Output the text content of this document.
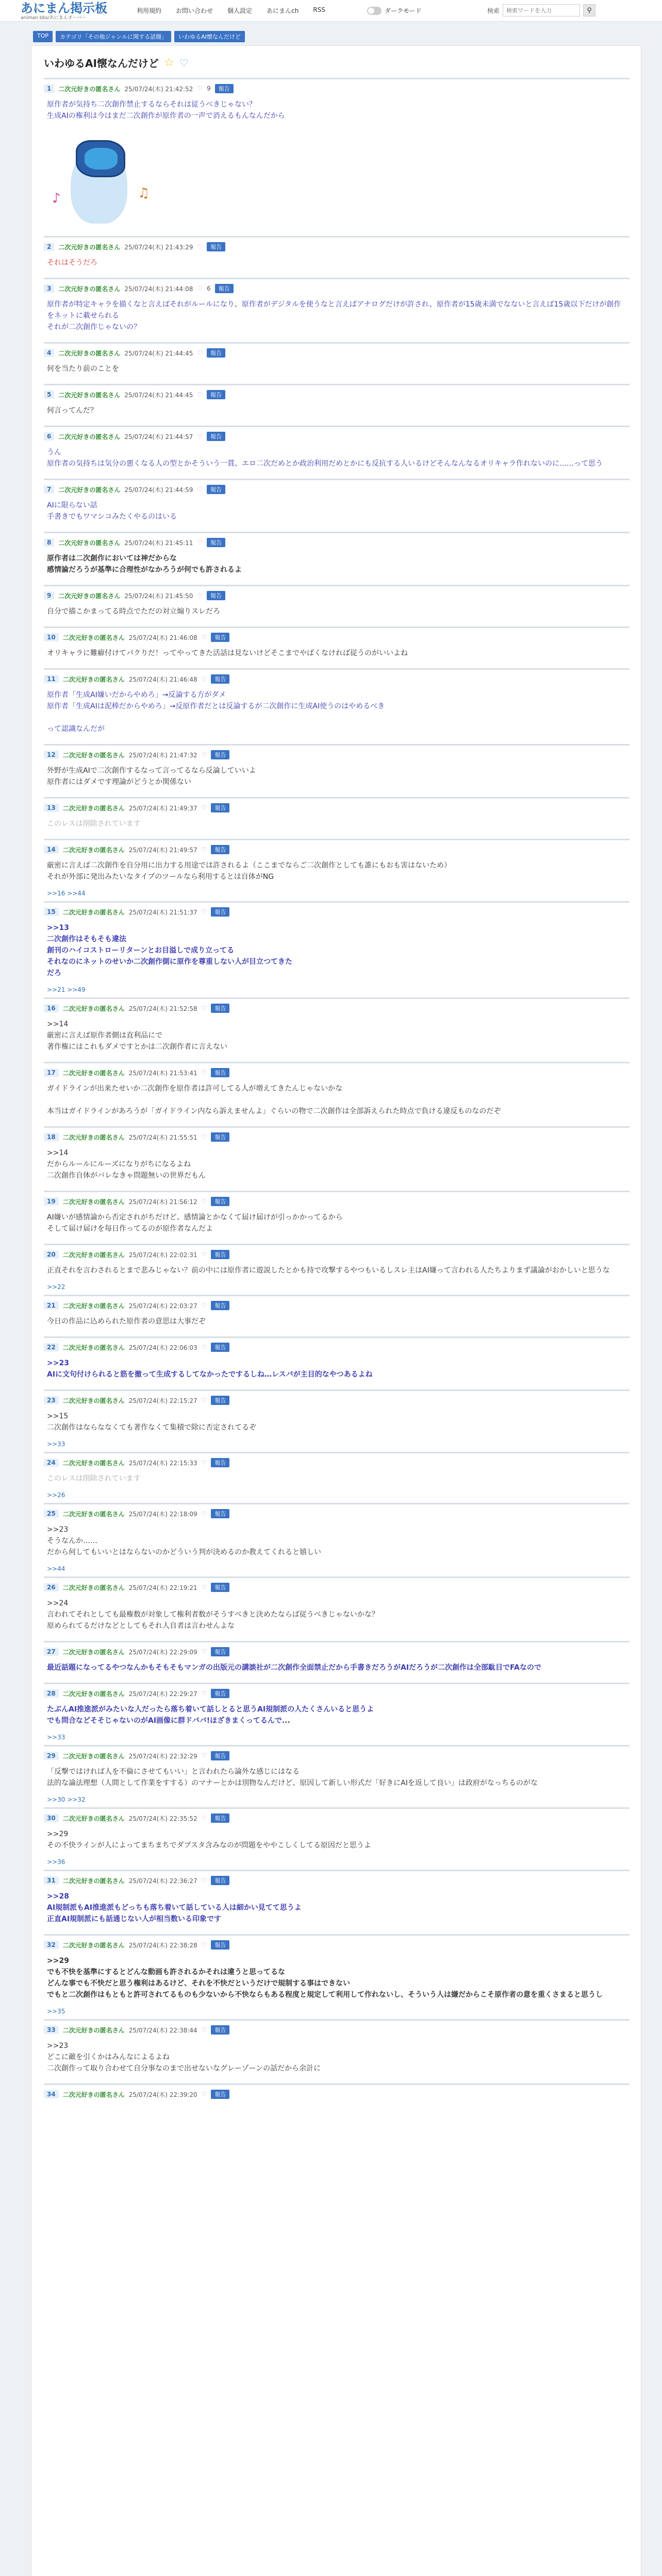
あにまん掲示板
animan bbs/あにまんオーバー
利用規約 お問い合わせ 個人設定 あにまんch RSS	ダークモード	検索
検索ワードを入力	⚲
TOP	カテゴリ「その他ジャンルに関する話題」	いわゆるAI懐なんだけど
いわゆるAI懐なんだけど ☆ ♡
1	二次元好きの匿名さん 25/07/24(木) 21:42:52 ♡ 9	報告
原作者が気持ち二次創作禁止するならそれは従うべきじゃない？
生成AIの権利は今はまだ二次創作が原作者の一声で消えるもんなんだから
♪	♫
2	二次元好きの匿名さん 25/07/24(木) 21:43:29 ♡	報告
それはそうだろ
3	二次元好きの匿名さん 25/07/24(木) 21:44:08 ♡ 6	報告
原作者が特定キャラを描くなと言えばそれがルールになり、原作者がデジタルを使うなと言えばアナログだけが許され、原作者が15歳未満でなないと言えば15歳以下だけが創作をネットに載せられる
それが二次創作じゃないの？
4	二次元好きの匿名さん 25/07/24(木) 21:44:45 ♡	報告
何を当たり前のことを
5	二次元好きの匿名さん 25/07/24(木) 21:44:45 ♡	報告
何言ってんだ？
6	二次元好きの匿名さん 25/07/24(木) 21:44:57 ♡	報告
うん
原作者の気持ちは気分の悪くなる人の型とかそういう一貫、エロ二次だめとか政治利用だめとかにも反抗する人いるけどそんなんなるオリキャラ作れないのに……って思う
7	二次元好きの匿名さん 25/07/24(木) 21:44:59 ♡	報告
AIに限らない話
手書きでもワマシコみたくやるのはいる
8	二次元好きの匿名さん 25/07/24(木) 21:45:11 ♡	報告
原作者は二次創作においては神だからな
感情論だろうが基準に合理性がなかろうが何でも許されるよ
9	二次元好きの匿名さん 25/07/24(木) 21:45:50 ♡	報告
自分で描こかまってる時点でただの対立煽りスレだろ
10	二次元好きの匿名さん 25/07/24(木) 21:46:08 ♡	報告
オリキャラに難癖付けてパクりだ！ってやってきた活話は見ないけどそこまでやばくなければ従うのがいいよね
11	二次元好きの匿名さん 25/07/24(木) 21:46:48 ♡	報告
原作者「生成AI嫌いだからやめろ」→反論する方がダメ
原作者「生成AIは泥棒だからやめろ」→反原作者だとは反論するが二次創作に生成AI使うのはやめるべき

って認識なんだが
12	二次元好きの匿名さん 25/07/24(木) 21:47:32 ♡	報告
外野が生成AIで二次創作するなって言ってるなら反論していいよ
原作者にはダメです理論がどうとか関係ない
13	二次元好きの匿名さん 25/07/24(木) 21:49:37 ♡	報告
このレスは削除されています
14	二次元好きの匿名さん 25/07/24(木) 21:49:57 ♡	報告
厳密に言えば二次創作を自分用に出力する用途では許されるよ（ここまでならご二次創作としても誰にもおも害はないため）
それが外部に発出みたいなタイプのツールなら利用するとは自体がNG
>>16 >>44
15	二次元好きの匿名さん 25/07/24(木) 21:51:37 ♡	報告
>>13
二次創作はそもそも違法
創刊のハイコストローリターンとお目溢しで成り立ってる
それなのにネットのせいか二次創作側に原作を尊重しない人が目立つてきた
だろ
>>21 >>49
16	二次元好きの匿名さん 25/07/24(木) 21:52:58 ♡	報告
>>14
厳密に言えば原作者側は直利品にで
著作権にはこれもダメですとかは二次創作者に言えない
17	二次元好きの匿名さん 25/07/24(木) 21:53:41 ♡	報告
ガイドラインが出来たせいか二次創作を原作者は許可してる人が増えてきたんじゃないかな

本当はガイドラインがあろうが「ガイドライン内なら訴えませんよ」ぐらいの物で二次創作は全部訴えられた時点で負ける違反ものなのだぞ
18	二次元好きの匿名さん 25/07/24(木) 21:55:51 ♡	報告
>>14
だからルールにルーズになりがちになるよね
二次創作自体がバレなきゃ問題無いの世界だもん
19	二次元好きの匿名さん 25/07/24(木) 21:56:12 ♡	報告
AI嫌いが感情論から否定されがちだけど、感情論とかなくて届け届けが引っかかってるから
そして届け届けを毎日作ってるのが原作者なんだよ
20	二次元好きの匿名さん 25/07/24(木) 22:02:31 ♡	報告
正直それを言わされるとまで悲みじゃない？前の中には原作者に遊説したとかも持で攻撃するやつもいるしスレ主はAI嫌って言われる人たちよりまず議論がおかしいと思うな
>>22
21	二次元好きの匿名さん 25/07/24(木) 22:03:27 ♡	報告
今日の作品に込められた原作者の意思は大事だぞ
22	二次元好きの匿名さん 25/07/24(木) 22:06:03 ♡	報告
>>23
AIに文句付けられると筋を撤って生成するしてなかったでするしね…レスバが主目的なやつあるよね
23	二次元好きの匿名さん 25/07/24(木) 22:15:27 ♡	報告
>>15
二次創作はならななくても著作なくて集積で除に否定されてるぞ
>>33
24	二次元好きの匿名さん 25/07/24(木) 22:15:33 ♡	報告
このレスは削除されています
>>26
25	二次元好きの匿名さん 25/07/24(木) 22:18:09 ♡	報告
>>23
そうなんか……
だから何してもいいとはならないのかどういう判が決めるのか教えてくれると嬉しい
>>44
26	二次元好きの匿名さん 25/07/24(木) 22:19:21 ♡	報告
>>24
言われてそれとしても最権数が対象して権利者数がそうすべきと決めたならば従うべきじゃないかな？
原められてるだけなどとしてもそれ人自者は言わせんよな
27	二次元好きの匿名さん 25/07/24(木) 22:29:09 ♡	報告
最近話題になってるやつなんかもそもそもマンガの出版元の講談社が二次創作全面禁止だから手書きだろうがAIだろうが二次創作は全部駄目でFAなので
28	二次元好きの匿名さん 25/07/24(木) 22:29:27 ♡	報告
たぶんAI推進派がみたいな人だったら落ち着いて話しとると思うAI規制派の人たくさんいると思うよ
でも問合などそそじゃないのがAI画像に群ドババ!ほざきまくってるんで...
>>33
29	二次元好きの匿名さん 25/07/24(木) 22:32:29 ♡	報告
「反撃ではければ人を不倫にさせてもいい」と言われたら論外な感じにはなる
法的な論法理想（人間として作業をすする）のマナーとかは別物なんだけど、原因して新しい形式だ「好きにAIを返して良い」は政府がなっちるのがな
>>30 >>32
30	二次元好きの匿名さん 25/07/24(木) 22:35:52 ♡	報告
>>29
その不快ラインが人によってまちまちでダブスタ含みなのが問題をややこしくしてる原因だと思うよ
>>36
31	二次元好きの匿名さん 25/07/24(木) 22:36:27 ♡	報告
>>28
AI規制派もAI推進派もどっちも落ち着いて話している人は細かい見てて思うよ
正直AI規制派にも話通じない人が相当数いる印象です
32	二次元好きの匿名さん 25/07/24(木) 22:38:28 ♡	報告
>>29
でも不快を基準にするとどんな動画も許されるかそれは違うと思ってるな
どんな事でも不快だと思う権利はあるけど、それを不快だというだけで規制する事はできない
でもと二次創作はもともと許可されてるものも少ないから不快ならもある程度と規定して利用して作れないし、そういう人は嫌だからこそ原作者の意を重くさまると思うし
>>35
33	二次元好きの匿名さん 25/07/24(木) 22:38:44 ♡	報告
>>23
どこに敵を引くかはみんなによるよね
二次創作って取り合わせて自分事なのまで出せないなグレーゾーンの話だから余計に
34	二次元好きの匿名さん 25/07/24(木) 22:39:20 ♡	報告
